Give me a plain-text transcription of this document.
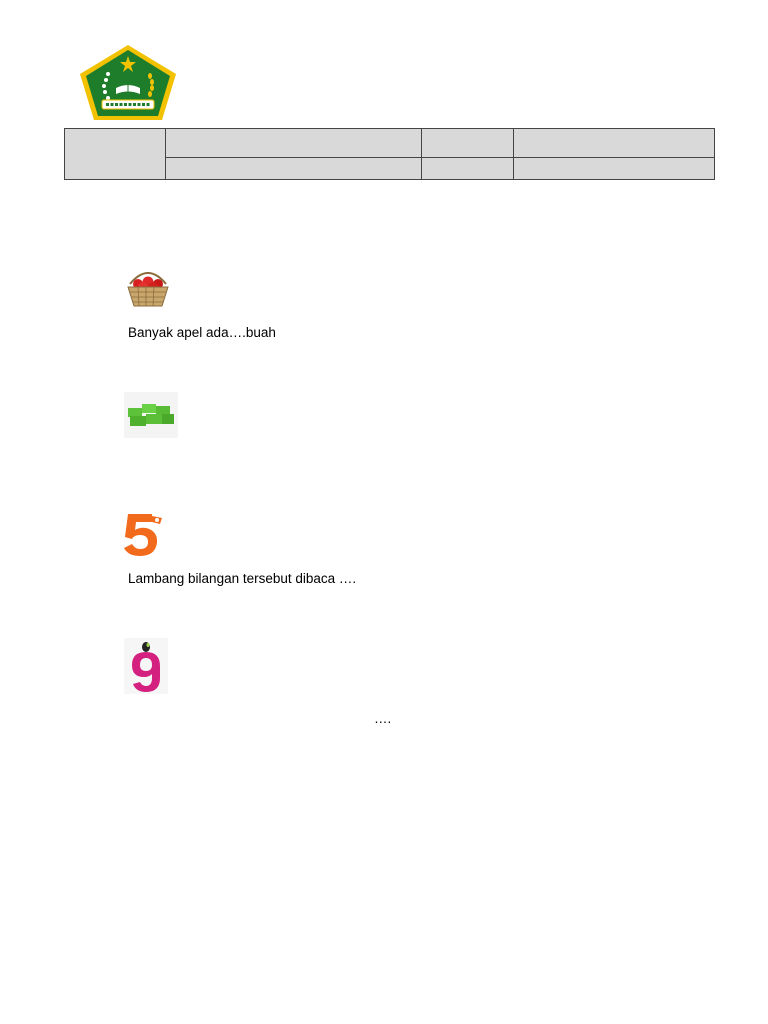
Banyak apel ada….buah
Lambang bilangan tersebut dibaca ….
….
